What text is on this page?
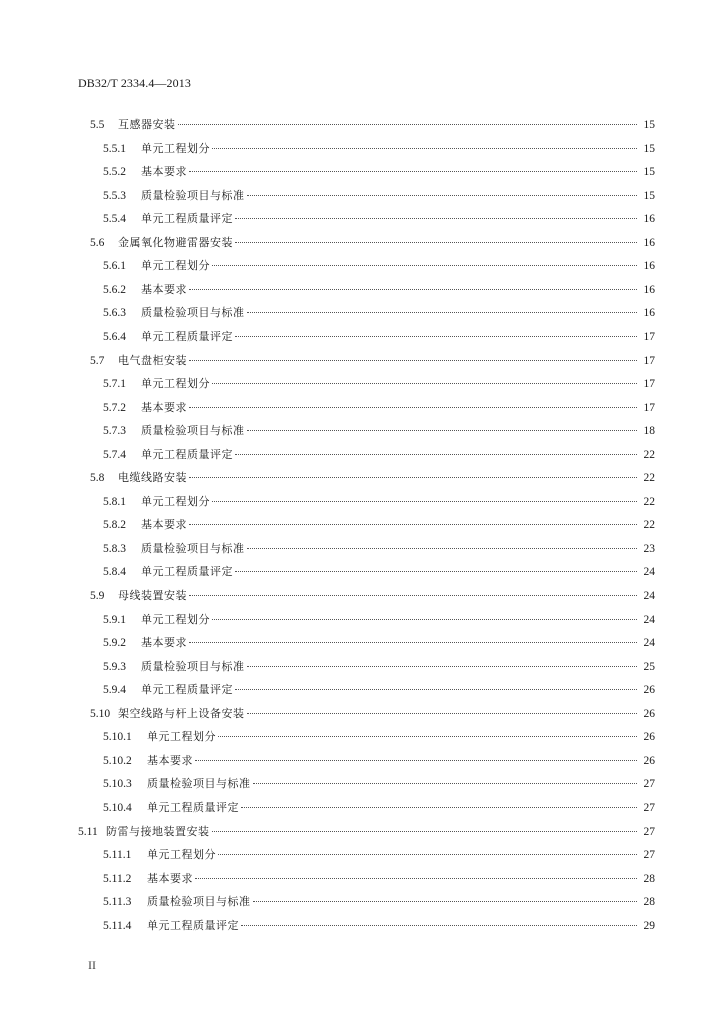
DB32/T 2334.4—2013
5.5	互感器安装	15
5.5.1	单元工程划分	15
5.5.2	基本要求	15
5.5.3	质量检验项目与标准	15
5.5.4	单元工程质量评定	16
5.6	金属氧化物避雷器安装	16
5.6.1	单元工程划分	16
5.6.2	基本要求	16
5.6.3	质量检验项目与标准	16
5.6.4	单元工程质量评定	17
5.7	电气盘柜安装	17
5.7.1	单元工程划分	17
5.7.2	基本要求	17
5.7.3	质量检验项目与标准	18
5.7.4	单元工程质量评定	22
5.8	电缆线路安装	22
5.8.1	单元工程划分	22
5.8.2	基本要求	22
5.8.3	质量检验项目与标准	23
5.8.4	单元工程质量评定	24
5.9	母线装置安装	24
5.9.1	单元工程划分	24
5.9.2	基本要求	24
5.9.3	质量检验项目与标准	25
5.9.4	单元工程质量评定	26
5.10 架空线路与杆上设备安装	26
5.10.1	单元工程划分	26
5.10.2	基本要求	26
5.10.3	质量检验项目与标准	27
5.10.4	单元工程质量评定	27
5.11 防雷与接地装置安装	27
5.11.1	单元工程划分	27
5.11.2	基本要求	28
5.11.3	质量检验项目与标准	28
5.11.4	单元工程质量评定	29
II
